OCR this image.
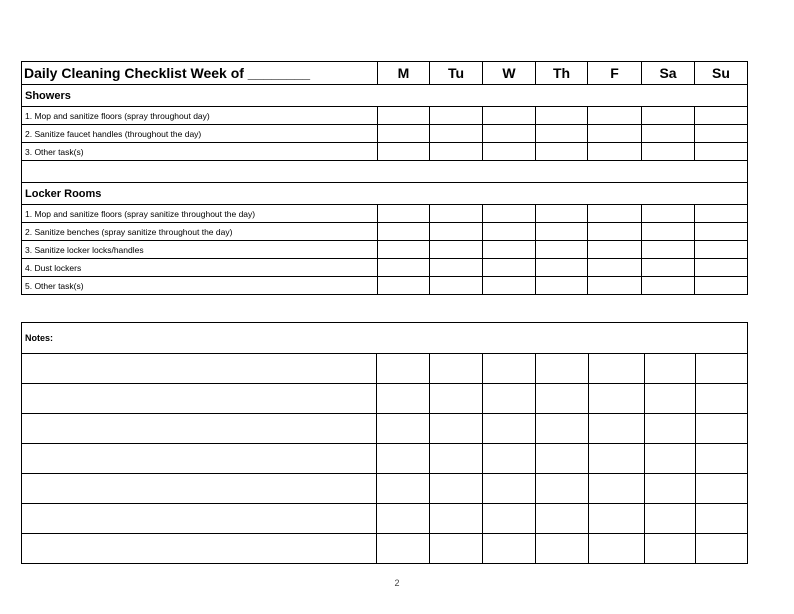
Daily Cleaning Checklist Week of ________	M	Tu	W	Th	F	Sa	Su
Showers							
1. Mop and sanitize floors (spray throughout day)							
2. Sanitize faucet handles (throughout the day)							
3. Other task(s)							

Locker Rooms							
1. Mop and sanitize floors (spray sanitize throughout the day)							
2. Sanitize benches (spray sanitize throughout the day)							
3. Sanitize locker locks/handles							
4. Dust lockers							
5. Other task(s)							
Notes:							

2
